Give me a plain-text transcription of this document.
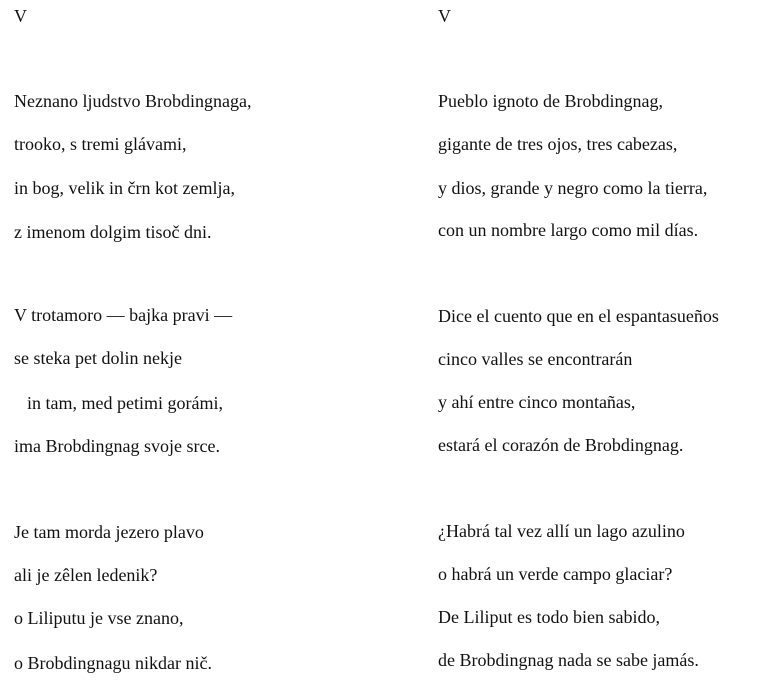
V
Neznano ljudstvo Brobdingnaga,
trooko, s tremi glávami,
in bog, velik in črn kot zemlja,
z imenom dolgim tisoč dni.
V trotamoro — bajka pravi —
se steka pet dolin nekje
in tam, med petimi gorámi,
ima Brobdingnag svoje srce.
Je tam morda jezero plavo
ali je zêlen ledenik?
o Liliputu je vse znano,
o Brobdingnagu nikdar nič.
V
Pueblo ignoto de Brobdingnag,
gigante de tres ojos, tres cabezas,
y dios, grande y negro como la tierra,
con un nombre largo como mil días.
Dice el cuento que en el espantasueños
cinco valles se encontrarán
y ahí entre cinco montañas,
estará el corazón de Brobdingnag.
¿Habrá tal vez allí un lago azulino
o habrá un verde campo glaciar?
De Liliput es todo bien sabido,
de Brobdingnag nada se sabe jamás.
